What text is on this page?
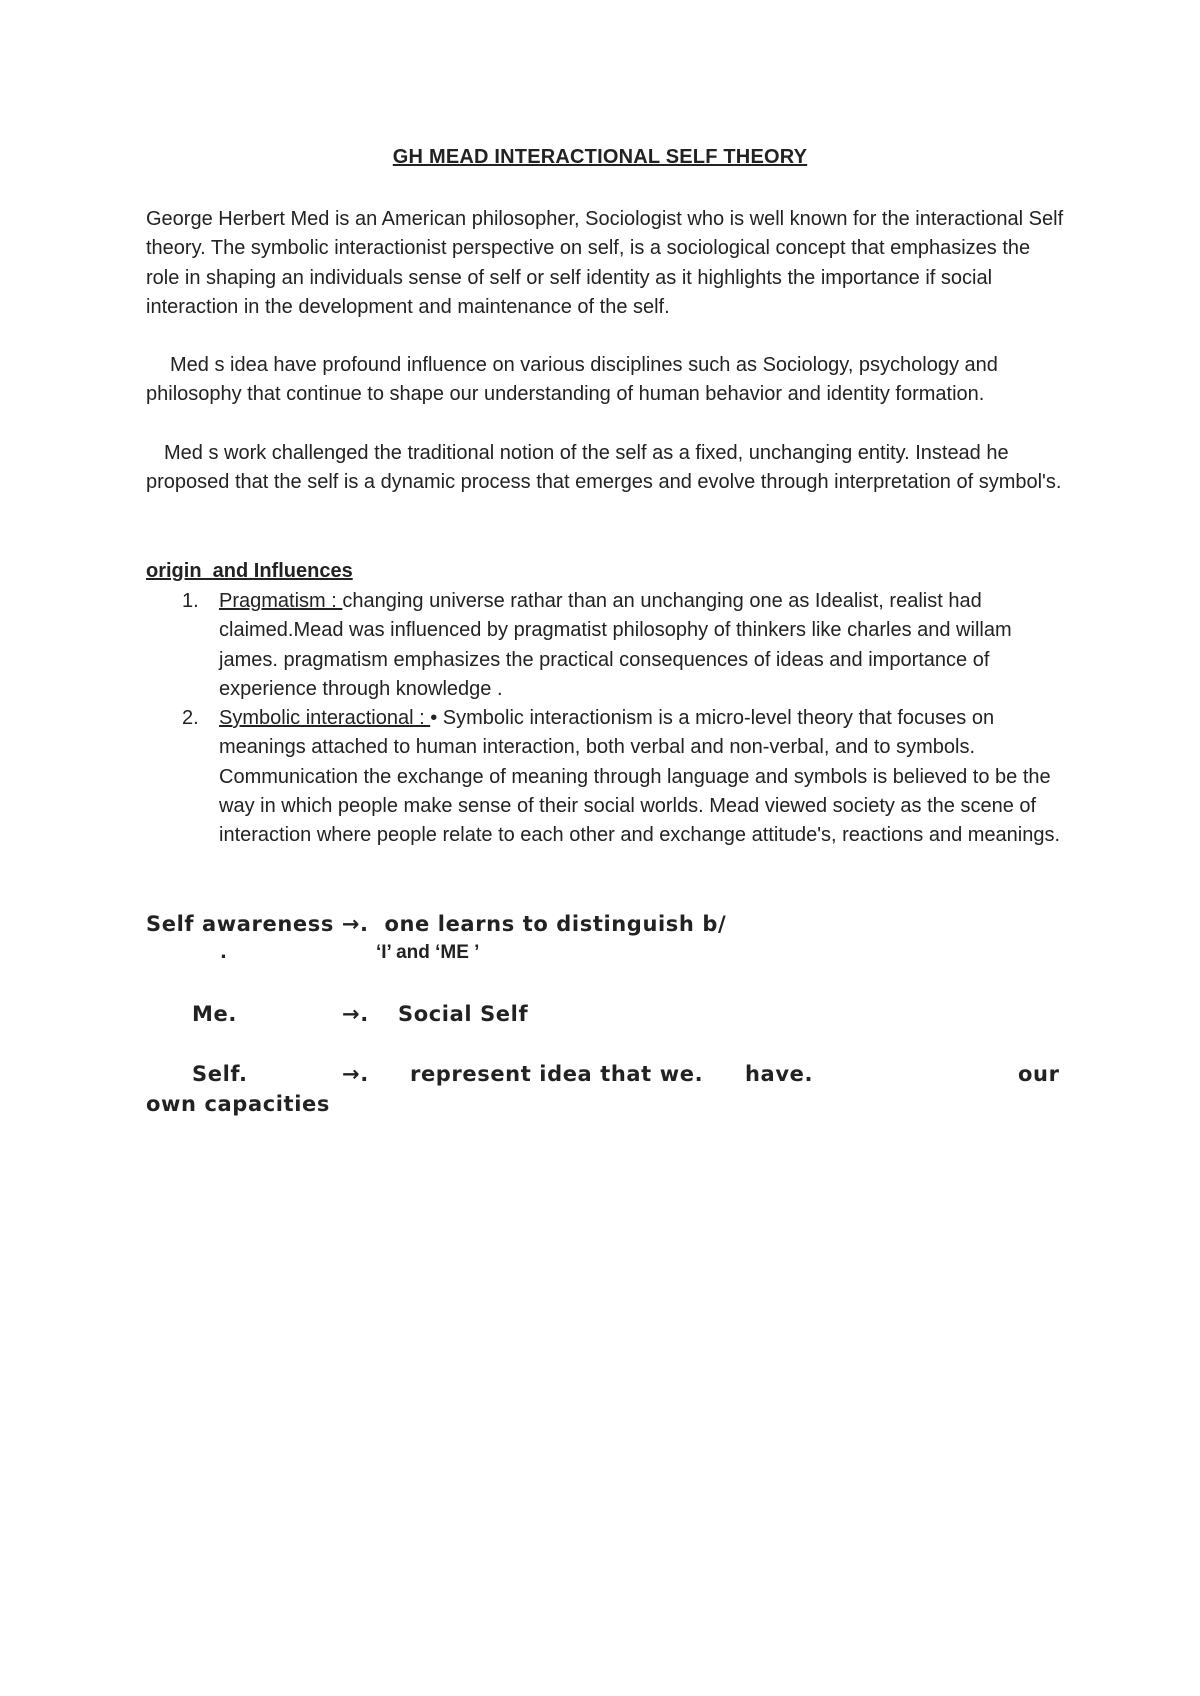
GH MEAD INTERACTIONAL SELF THEORY
George Herbert Med is an American philosopher, Sociologist who is well known for the interactional Self theory. The symbolic interactionist perspective on self, is a sociological concept that emphasizes the role in shaping an individuals sense of self or self identity as it highlights the importance if social interaction in the development and maintenance of the self.
Med s idea have profound influence on various disciplines such as Sociology, psychology and philosophy that continue to shape our understanding of human behavior and identity formation.
Med s work challenged the traditional notion of the self as a fixed, unchanging entity. Instead he proposed that the self is a dynamic process that emerges and evolve through interpretation of symbol's.
origin  and Influences
1. Pragmatism : changing universe rathar than an unchanging one as Idealist, realist had claimed.Mead was influenced by pragmatist philosophy of thinkers like charles and willam james. pragmatism emphasizes the practical consequences of ideas and importance of experience through knowledge .
2. Symbolic interactional : • Symbolic interactionism is a micro-level theory that focuses on meanings attached to human interaction, both verbal and non-verbal, and to symbols. Communication the exchange of meaning through language and symbols is believed to be the way in which people make sense of their social worlds. Mead viewed society as the scene of interaction where people relate to each other and exchange attitude's, reactions and meanings.
Self awareness →.  one learns to distinguish b/
.	‘I’ and ‘ME ’
Me.	→. Social Self
Self.	→. represent idea that we. have.	our
own capacities
